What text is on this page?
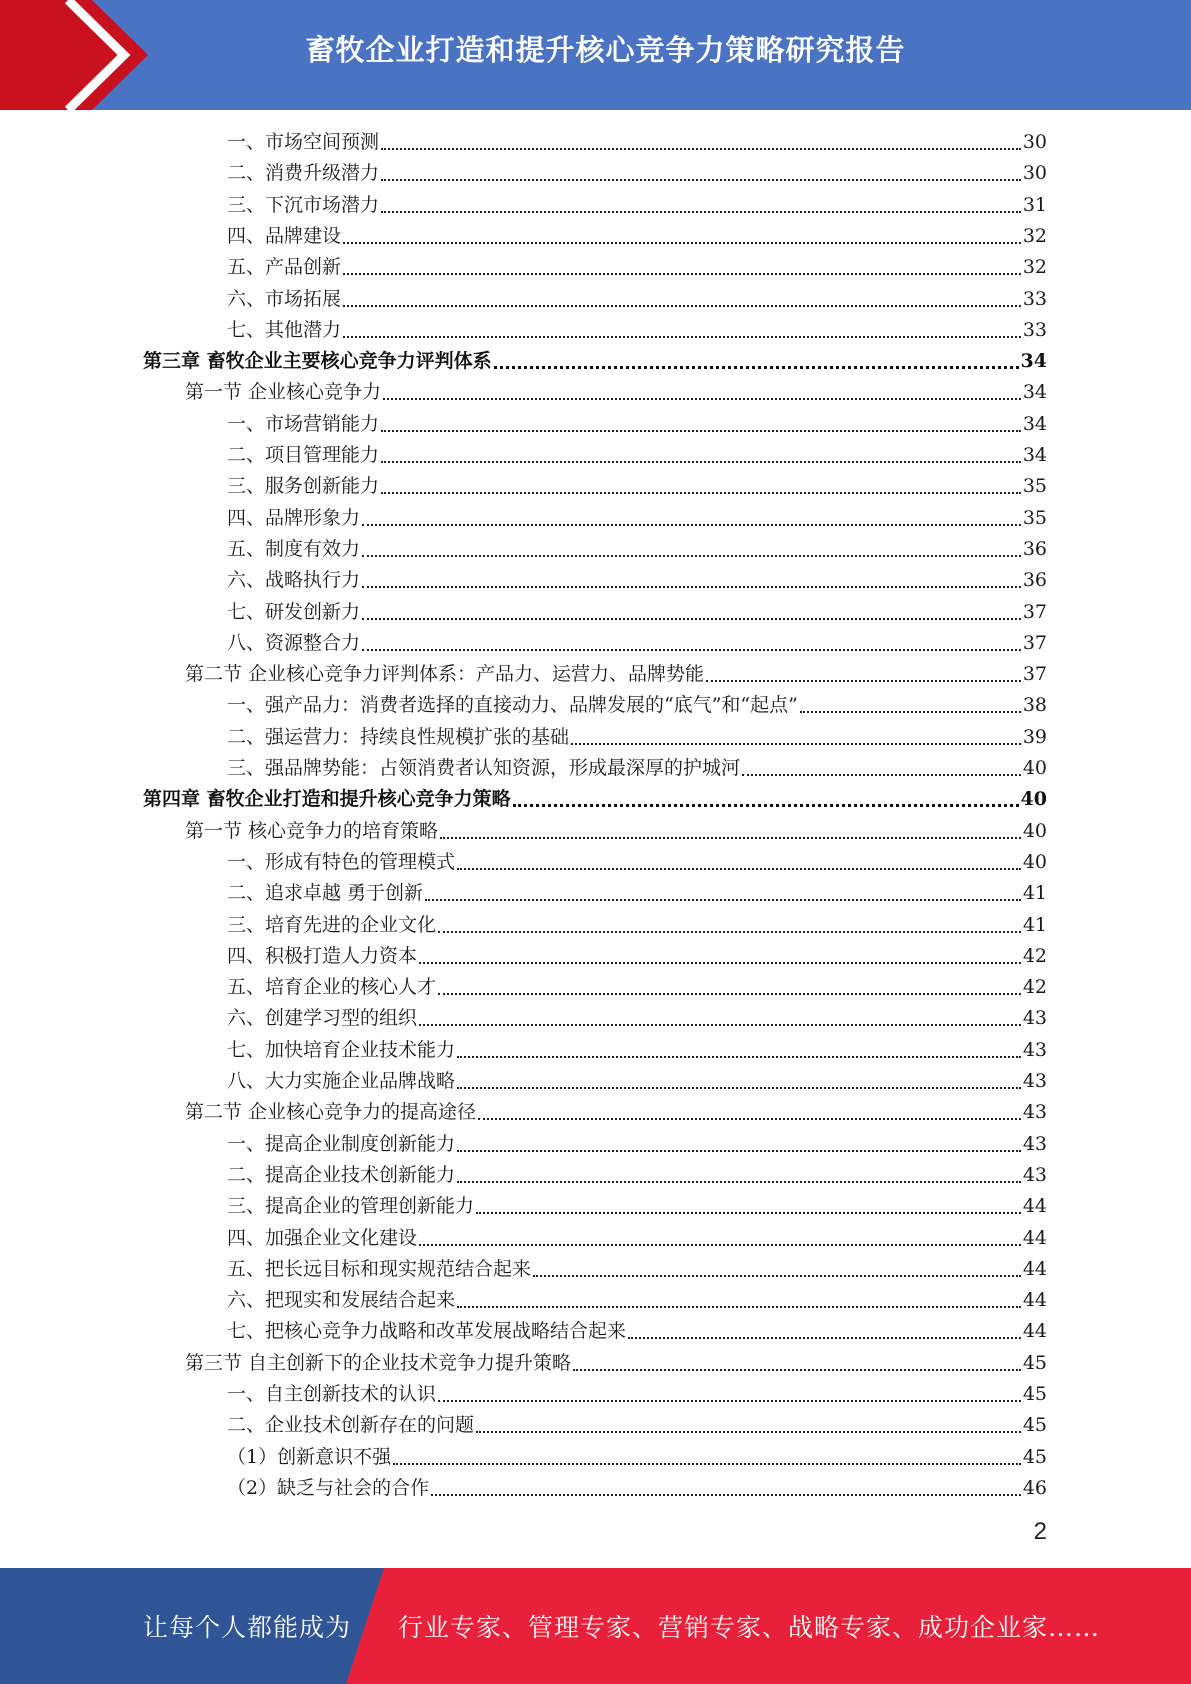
畜牧企业打造和提升核心竞争力策略研究报告
一、市场空间预测	30
二、消费升级潜力	30
三、下沉市场潜力	31
四、品牌建设	32
五、产品创新	32
六、市场拓展	33
七、其他潜力	33
第三章 畜牧企业主要核心竞争力评判体系	34
第一节 企业核心竞争力	34
一、市场营销能力	34
二、项目管理能力	34
三、服务创新能力	35
四、品牌形象力	35
五、制度有效力	36
六、战略执行力	36
七、研发创新力	37
八、资源整合力	37
第二节 企业核心竞争力评判体系：产品力、运营力、品牌势能	37
一、强产品力：消费者选择的直接动力、品牌发展的“底气”和“起点”	38
二、强运营力：持续良性规模扩张的基础	39
三、强品牌势能：占领消费者认知资源，形成最深厚的护城河	40
第四章 畜牧企业打造和提升核心竞争力策略	40
第一节 核心竞争力的培育策略	40
一、形成有特色的管理模式	40
二、追求卓越 勇于创新	41
三、培育先进的企业文化	41
四、积极打造人力资本	42
五、培育企业的核心人才	42
六、创建学习型的组织	43
七、加快培育企业技术能力	43
八、大力实施企业品牌战略	43
第二节 企业核心竞争力的提高途径	43
一、提高企业制度创新能力	43
二、提高企业技术创新能力	43
三、提高企业的管理创新能力	44
四、加强企业文化建设	44
五、把长远目标和现实规范结合起来	44
六、把现实和发展结合起来	44
七、把核心竞争力战略和改革发展战略结合起来	44
第三节 自主创新下的企业技术竞争力提升策略	45
一、自主创新技术的认识	45
二、企业技术创新存在的问题	45
（1）创新意识不强	45
（2）缺乏与社会的合作	46
2
让每个人都能成为 行业专家、管理专家、营销专家、战略专家、成功企业家……
